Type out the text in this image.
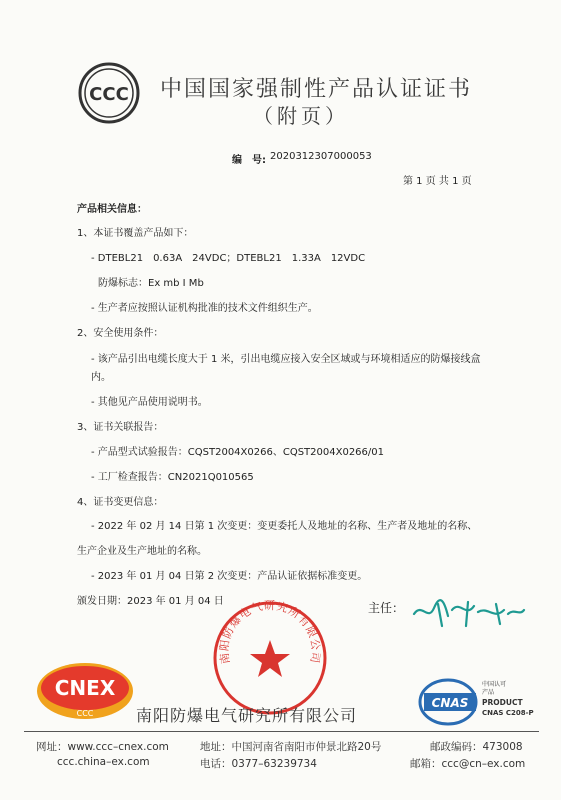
CCC 中国国家强制性产品认证证书
（附页）
编　号: 2020312307000053
第 1 页 共 1 页
产品相关信息：
1、本证书覆盖产品如下：
- DTEBL21　0.63A　24VDC；DTEBL21　1.33A　12VDC
防爆标志：Ex mb Ⅰ Mb
- 生产者应按照认证机构批准的技术文件组织生产。
2、安全使用条件：
- 该产品引出电缆长度大于 1 米，引出电缆应接入安全区域或与环境相适应的防爆接线盒内。
- 其他见产品使用说明书。
3、证书关联报告：
- 产品型式试验报告：CQST2004X0266、CQST2004X0266/01
- 工厂检查报告：CN2021Q010565
4、证书变更信息：
- 2022 年 02 月 14 日第 1 次变更：变更委托人及地址的名称、生产者及地址的名称、
生产企业及生产地址的名称。
- 2023 年 01 月 04 日第 2 次变更：产品认证依据标准变更。
颁发日期：2023 年 01 月 04 日	主任：
南阳防爆电气研究所有限公司
CNEX
CCC	南阳防爆电气研究所有限公司
CNAS
中国认可
产品
PRODUCT
CNAS C208-P
网址：www.ccc–cnex.com
ccc.china–ex.com
地址：中国河南省南阳市仲景北路20号
电话：0377–63239734
邮政编码：473008
邮箱：ccc@cn–ex.com
